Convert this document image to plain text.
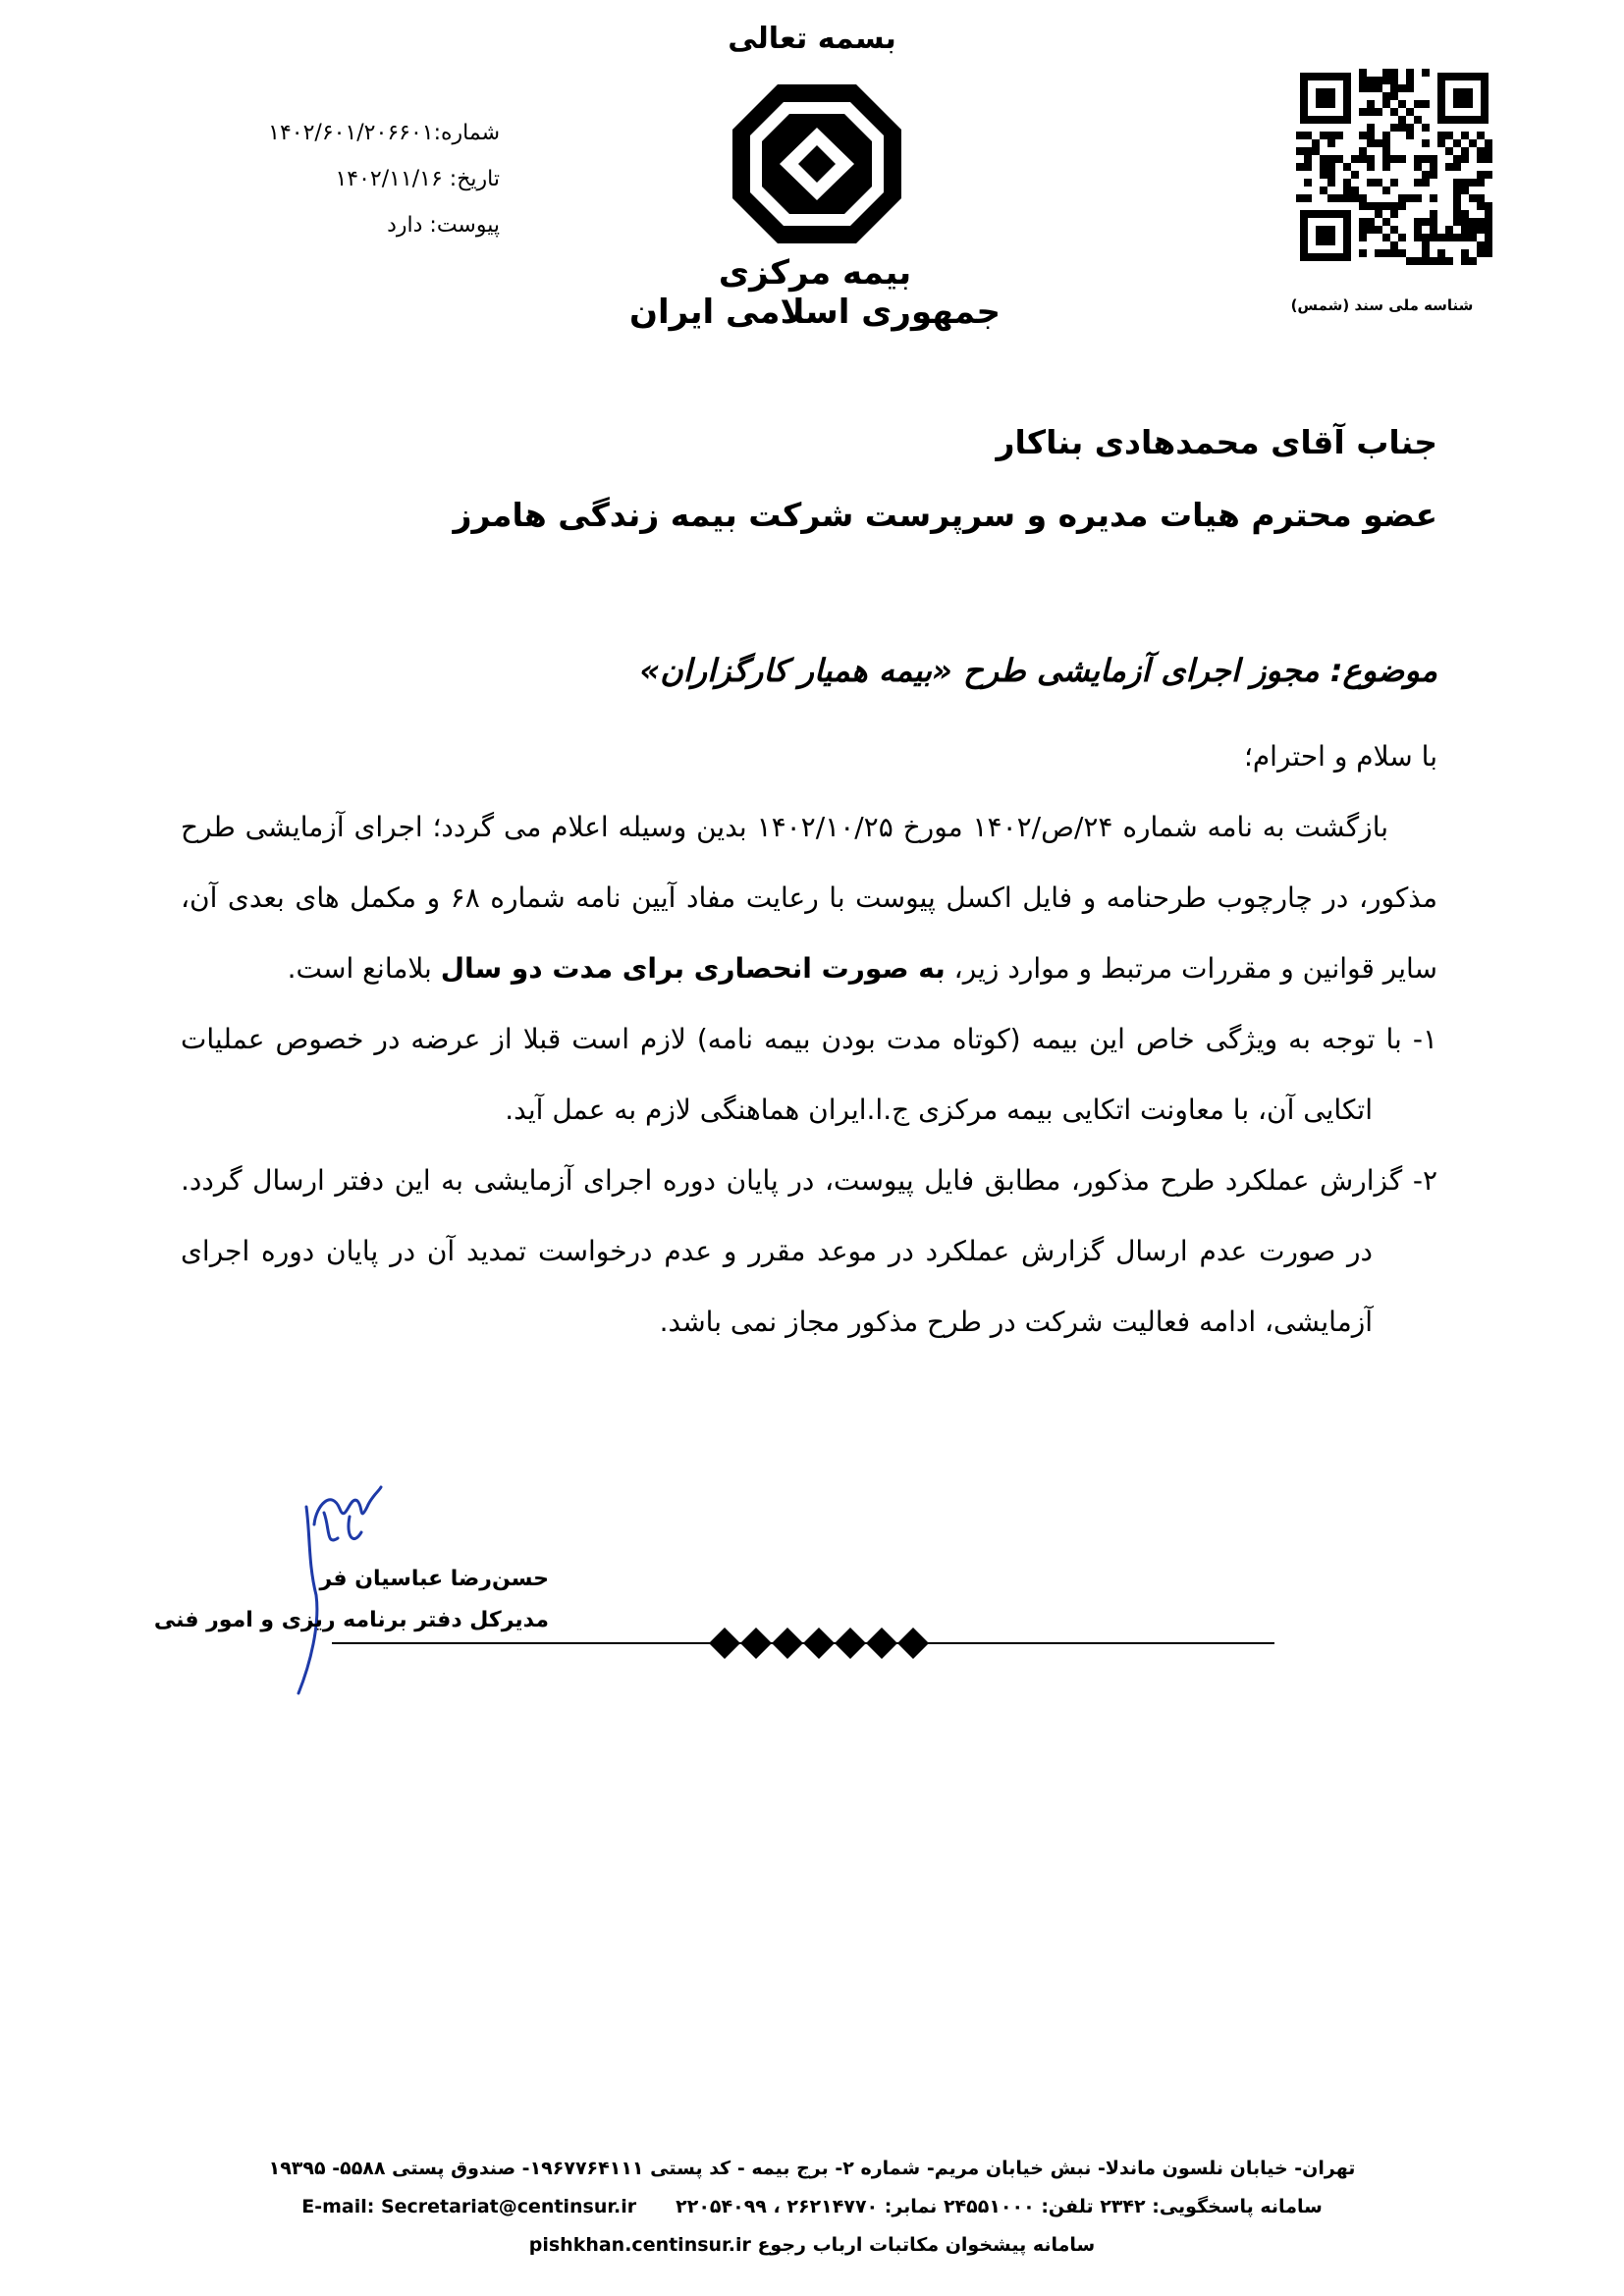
بسمه تعالی
شماره:۱۴۰۲/۶۰۱/۲۰۶۶۰۱
تاریخ: ۱۴۰۲/۱۱/۱۶
پیوست: دارد
بیمه مرکزی
جمهوری اسلامی ایران	شناسه ملی سند (شمس)
جناب آقای محمدهادی بناکار
عضو محترم هیات مدیره و سرپرست شرکت بیمه زندگی هامرز
موضوع: مجوز اجرای آزمایشی طرح «بیمه همیار کارگزاران»

با سلام و احترام؛

بازگشت به نامه شماره ۲۴/ص/۱۴۰۲ مورخ ۱۴۰۲/۱۰/۲۵ بدین وسیله اعلام می گردد؛ اجرای آزمایشی طرح مذکور، در چارچوب طرحنامه و فایل اکسل پیوست با رعایت مفاد آیین نامه شماره ۶۸ و مکمل های بعدی آن، سایر قوانین و مقررات مرتبط و موارد زیر، به صورت انحصاری برای مدت دو سال بلامانع است.

۱- با توجه به ویژگی خاص این بیمه (کوتاه مدت بودن بیمه نامه) لازم است قبلا از عرضه در خصوص عملیات اتکایی آن، با معاونت اتکایی بیمه مرکزی ج.ا.ایران هماهنگی لازم به عمل آید.

۲- گزارش عملکرد طرح مذکور، مطابق فایل پیوست، در پایان دوره اجرای آزمایشی به این دفتر ارسال گردد. در صورت عدم ارسال گزارش عملکرد در موعد مقرر و عدم درخواست تمدید آن در پایان دوره اجرای آزمایشی، ادامه فعالیت شرکت در طرح مذکور مجاز نمی باشد.

حسن‌رضا عباسیان فر
مدیرکل دفتر برنامه ریزی و امور فنی
تهران- خیابان نلسون ماندلا- نبش خیابان مریم- شماره ۲- برج بیمه - کد پستی ۱۹۶۷۷۶۴۱۱۱- صندوق پستی ۵۵۸۸- ۱۹۳۹۵
E-mail: Secretariat@centinsur.ir سامانه پاسخگویی: ۲۳۴۲ تلفن: ۲۴۵۵۱۰۰۰ نمابر: ۲۶۲۱۴۷۷۰ ، ۲۲۰۵۴۰۹۹
pishkhan.centinsur.ir سامانه پیشخوان مکاتبات ارباب رجوع
